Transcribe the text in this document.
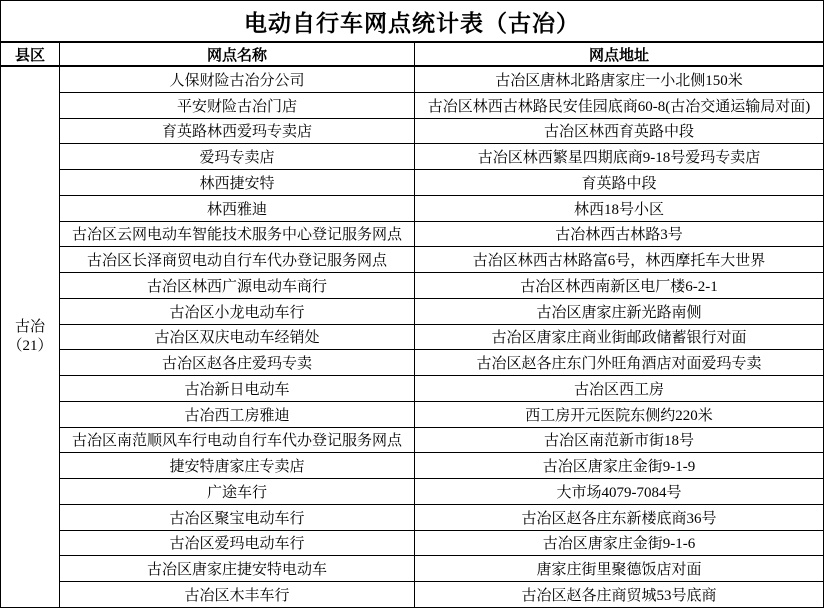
电动自行车网点统计表（古冶）		
县区	网点名称	网点地址

古冶
（21）	人保财险古冶分公司	古冶区唐林北路唐家庄一小北侧150米
	平安财险古冶门店	古冶区林西古林路民安佳园底商60-8(古冶交通运输局对面)
	育英路林西爱玛专卖店	古冶区林西育英路中段
	爱玛专卖店	古冶区林西繁星四期底商9-18号爱玛专卖店
	林西捷安特	育英路中段
	林西雅迪	林西18号小区
	古冶区云网电动车智能技术服务中心登记服务网点	古冶林西古林路3号
	古冶区长泽商贸电动自行车代办登记服务网点	古冶区林西古林路富6号，林西摩托车大世界
	古冶区林西广源电动车商行	古冶区林西南新区电厂楼6-2-1
	古冶区小龙电动车行	古冶区唐家庄新光路南侧
	古冶区双庆电动车经销处	古冶区唐家庄商业街邮政储蓄银行对面
	古冶区赵各庄爱玛专卖	古冶区赵各庄东门外旺角酒店对面爱玛专卖
	古冶新日电动车	古冶区西工房
	古冶西工房雅迪	西工房开元医院东侧约220米
	古冶区南范顺风车行电动自行车代办登记服务网点	古冶区南范新市街18号
	捷安特唐家庄专卖店	古冶区唐家庄金街9-1-9
	广途车行	大市场4079-7084号
	古冶区聚宝电动车行	古冶区赵各庄东新楼底商36号
	古冶区爱玛电动车行	古冶区唐家庄金街9-1-6
	古冶区唐家庄捷安特电动车	唐家庄街里聚德饭店对面
	古冶区木丰车行	古冶区赵各庄商贸城53号底商
